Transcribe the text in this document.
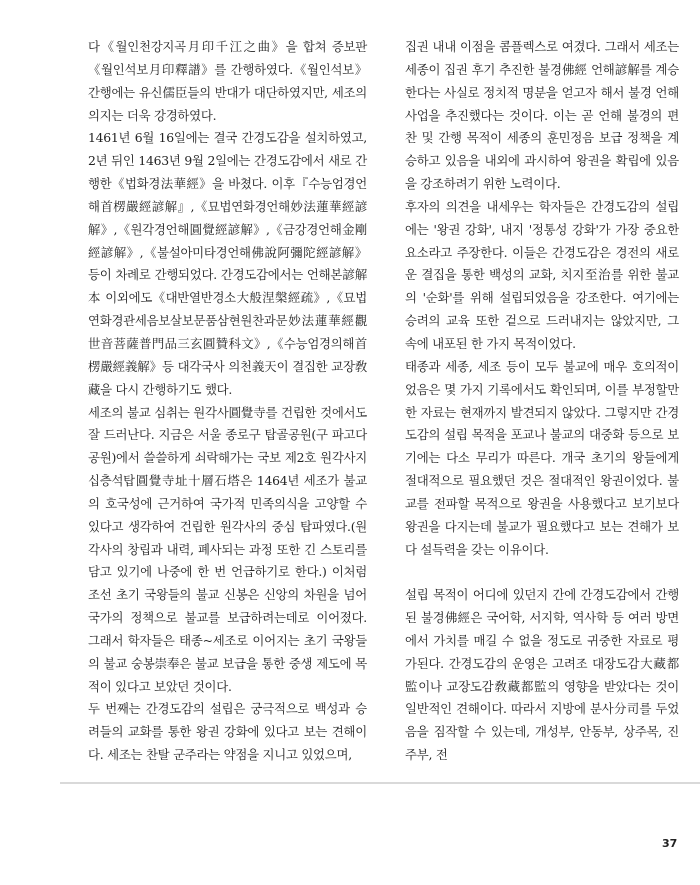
다《월인천강지곡月印千江之曲》을 합쳐 증보판《월인석보月印釋譜》를 간행하였다.《월인석보》간행에는 유신儒臣들의 반대가 대단하였지만, 세조의 의지는 더욱 강경하였다.

1461년 6월 16일에는 결국 간경도감을 설치하였고, 2년 뒤인 1463년 9월 2일에는 간경도감에서 새로 간행한《법화경法華經》을 바쳤다. 이후『수능엄경언해首楞嚴經諺解』,《묘법연화경언해妙法蓮華經諺解》,《원각경언해圓覺經諺解》,《금강경언해金剛經諺解》,《불설아미타경언해佛說阿彌陀經諺解》등이 차례로 간행되었다. 간경도감에서는 언해본諺解本 이외에도《대반열반경소大般涅槃經疏》,《묘법연화경관세음보살보문품삼현원찬과문妙法蓮華經觀世音菩薩普門品三玄圓贊科文》,《수능엄경의해首楞嚴經義解》등 대각국사 의천義天이 결집한 교장敎藏을 다시 간행하기도 했다.

세조의 불교 심취는 원각사圓覺寺를 건립한 것에서도 잘 드러난다. 지금은 서울 종로구 탑골공원(구 파고다공원)에서 쓸쓸하게 쇠락해가는 국보 제2호 원각사지십층석탑圓覺寺址十層石塔은 1464년 세조가 불교의 호국성에 근거하여 국가적 민족의식을 고양할 수 있다고 생각하여 건립한 원각사의 중심 탑파였다.(원각사의 창립과 내력, 폐사되는 과정 또한 긴 스토리를 담고 있기에 나중에 한 번 언급하기로 한다.) 이처럼 조선 초기 국왕들의 불교 신봉은 신앙의 차원을 넘어 국가의 정책으로 불교를 보급하려는데로 이어졌다. 그래서 학자들은 태종~세조로 이어지는 초기 국왕들의 불교 숭봉崇奉은 불교 보급을 통한 중생 제도에 목적이 있다고 보았던 것이다.

두 번째는 간경도감의 설립은 궁극적으로 백성과 승려들의 교화를 통한 왕권 강화에 있다고 보는 견해이다. 세조는 찬탈 군주라는 약점을 지니고 있었으며,

집권 내내 이점을 콤플렉스로 여겼다. 그래서 세조는 세종이 집권 후기 추진한 불경佛經 언해諺解를 계승한다는 사실로 정치적 명분을 얻고자 해서 불경 언해사업을 추진했다는 것이다. 이는 곧 언해 불경의 편찬 및 간행 목적이 세종의 훈민정음 보급 정책을 계승하고 있음을 내외에 과시하여 왕권을 확립에 있음을 강조하려기 위한 노력이다.

후자의 의견을 내세우는 학자들은 간경도감의 설립에는 '왕권 강화', 내지 '정통성 강화'가 가장 중요한 요소라고 주장한다. 이들은 간경도감은 경전의 새로운 결집을 통한 백성의 교화, 치지至治를 위한 불교의 '순화'를 위해 설립되었음을 강조한다. 여기에는 승려의 교육 또한 겉으로 드러내지는 않았지만, 그 속에 내포된 한 가지 목적이었다.

태종과 세종, 세조 등이 모두 불교에 매우 호의적이었음은 몇 가지 기록에서도 확인되며, 이를 부정할만한 자료는 현재까지 발견되지 않았다. 그렇지만 간경도감의 설립 목적을 포교나 불교의 대중화 등으로 보기에는 다소 무리가 따른다. 개국 초기의 왕들에게 절대적으로 필요했던 것은 절대적인 왕권이었다. 불교를 전파할 목적으로 왕권을 사용했다고 보기보다 왕권을 다지는데 불교가 필요했다고 보는 견해가 보다 설득력을 갖는 이유이다.

설립 목적이 어디에 있던지 간에 간경도감에서 간행된 불경佛經은 국어학, 서지학, 역사학 등 여러 방면에서 가치를 매길 수 없을 정도로 귀중한 자료로 평가된다. 간경도감의 운영은 고려조 대장도감大藏都監이나 교장도감敎藏都監의 영향을 받았다는 것이 일반적인 견해이다. 따라서 지방에 분사分司를 두었음을 짐작할 수 있는데, 개성부, 안동부, 상주목, 진주부, 전

37
